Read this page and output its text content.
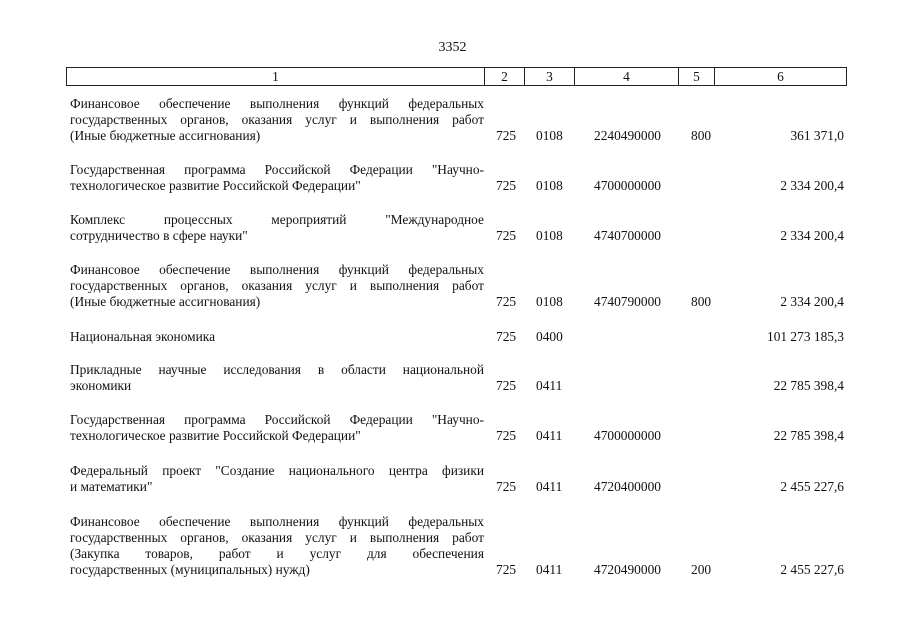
3352
1	2	3	4	5	6
Финансовое обеспечение выполнения функций федеральных
государственных органов, оказания услуг и выполнения работ
(Иные бюджетные ассигнования)	725 0108 2240490000 800	361 371,0
Государственная программа Российской Федерации "Научно-
технологическое развитие Российской Федерации"	725 0108 4700000000	2 334 200,4
Комплекс процессных мероприятий "Международное
сотрудничество в сфере науки"	725 0108 4740700000	2 334 200,4
Финансовое обеспечение выполнения функций федеральных
государственных органов, оказания услуг и выполнения работ
(Иные бюджетные ассигнования)	725 0108 4740790000 800	2 334 200,4
Национальная экономика	725 0400	101 273 185,3
Прикладные научные исследования в области национальной
экономики	725 0411	22 785 398,4
Государственная программа Российской Федерации "Научно-
технологическое развитие Российской Федерации"	725 0411 4700000000	22 785 398,4
Федеральный проект "Создание национального центра физики
и математики"	725 0411 4720400000	2 455 227,6
Финансовое обеспечение выполнения функций федеральных
государственных органов, оказания услуг и выполнения работ
(Закупка товаров, работ и услуг для обеспечения
государственных (муниципальных) нужд)	725 0411 4720490000 200	2 455 227,6
